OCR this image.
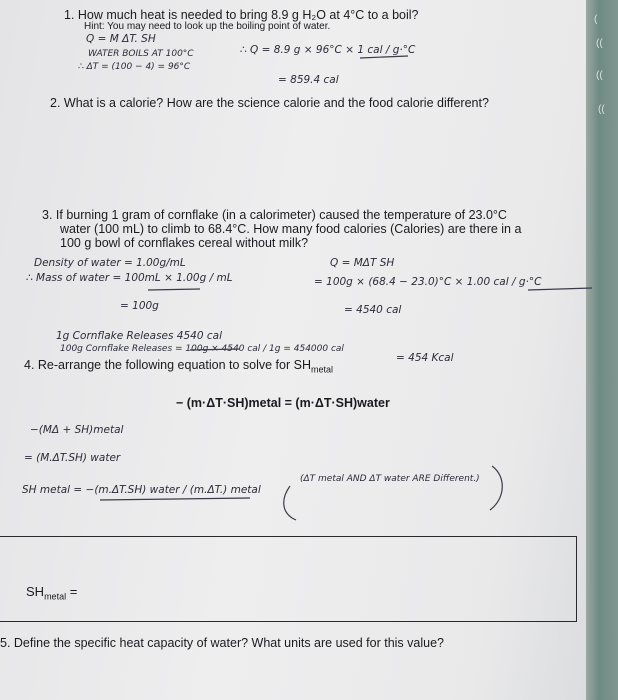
(
((
((
((
1. How much heat is needed to bring 8.9 g H₂O at 4°C to a boil?
Hint: You may need to look up the boiling point of water.
Q = M ΔT. SH
WATER BOILS AT 100°C
∴ ΔT = (100 − 4) = 96°C
∴ Q = 8.9 g × 96°C × 1 cal / g·°C
= 859.4 cal
2. What is a calorie? How are the science calorie and the food calorie different?
3. If burning 1 gram of cornflake (in a calorimeter) caused the temperature of 23.0°C
water (100 mL) to climb to 68.4°C. How many food calories (Calories) are there in a
100 g bowl of cornflakes cereal without milk?
Density of water = 1.00g/mL
∴ Mass of water = 100mL × 1.00g / mL
= 100g
Q = MΔT SH
= 100g × (68.4 − 23.0)°C × 1.00 cal / g·°C
= 4540 cal
1g Cornflake Releases 4540 cal
100g Cornflake Releases = 100g × 4540 cal / 1g = 454000 cal
= 454 Kcal
4. Re-arrange the following equation to solve for $SH_{metal}$
− (m·ΔT·SH)metal = (m·ΔT·SH)water
−(MΔ + SH)metal
= (M.ΔT.SH) water
SH metal = −(m.ΔT.SH) water / (m.ΔT.) metal
(ΔT metal AND ΔT water ARE Different.)
$SH_{metal}$ =
5. Define the specific heat capacity of water? What units are used for this value?
